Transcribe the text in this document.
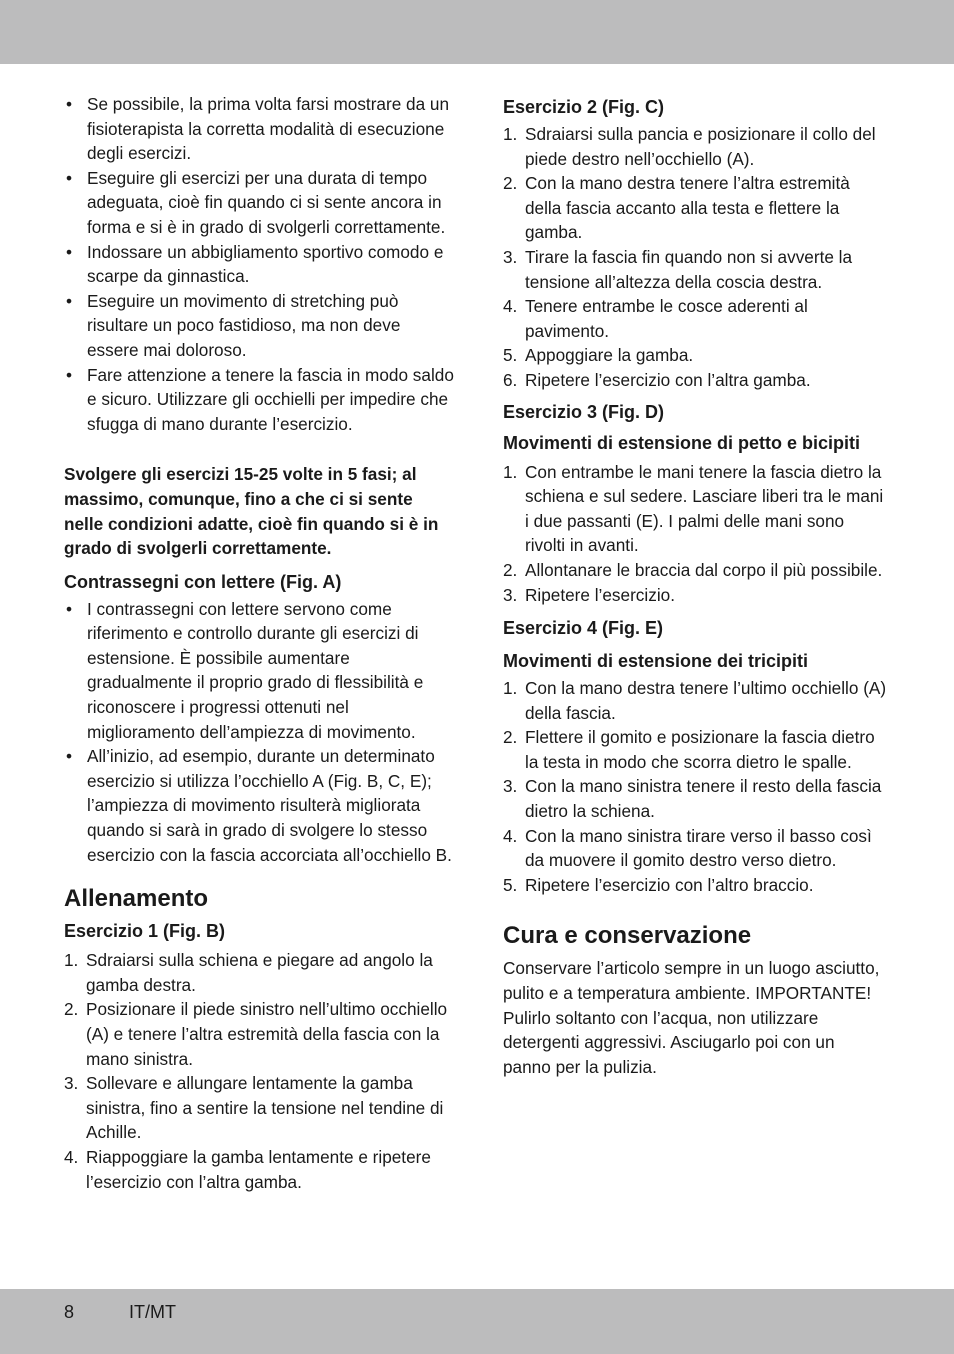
• Se possibile, la prima volta farsi mostrare da un fisioterapista la corretta modalità di esecuzione degli esercizi.
• Eseguire gli esercizi per una durata di tempo adeguata, cioè fin quando ci si sente ancora in forma e si è in grado di svolgerli correttamente.
• Indossare un abbigliamento sportivo comodo e scarpe da ginnastica.
• Eseguire un movimento di stretching può risultare un poco fastidioso, ma non deve essere mai doloroso.
• Fare attenzione a tenere la fascia in modo saldo e sicuro. Utilizzare gli occhielli per impedire che sfugga di mano durante l’esercizio.

Svolgere gli esercizi 15-25 volte in 5 fasi; al massimo, comunque, fino a che ci si sente nelle condizioni adatte, cioè fin quando si è in grado di svolgerli correttamente.

Contrassegni con lettere (Fig. A)
• I contrassegni con lettere servono come riferimento e controllo durante gli esercizi di estensione. È possibile aumentare gradualmente il proprio grado di flessibilità e riconoscere i progressi ottenuti nel miglioramento dell’ampiezza di movimento.
• All’inizio, ad esempio, durante un determinato esercizio si utilizza l’occhiello A (Fig. B, C, E); l’ampiezza di movimento risulterà migliorata quando si sarà in grado di svolgere lo stesso esercizio con la fascia accorciata all’occhiello B.
Allenamento
Esercizio 1 (Fig. B)
1. Sdraiarsi sulla schiena e piegare ad angolo la gamba destra.
2. Posizionare il piede sinistro nell’ultimo occhiello (A) e tenere l’altra estremità della fascia con la mano sinistra.
3. Sollevare e allungare lentamente la gamba sinistra, fino a sentire la tensione nel tendine di Achille.
4. Riappoggiare la gamba lentamente e ripetere l’esercizio con l’altra gamba.
Esercizio 2 (Fig. C)
1. Sdraiarsi sulla pancia e posizionare il collo del piede destro nell’occhiello (A).
2. Con la mano destra tenere l’altra estremità della fascia accanto alla testa e flettere la gamba.
3. Tirare la fascia fin quando non si avverte la tensione all’altezza della coscia destra.
4. Tenere entrambe le cosce aderenti al pavimento.
5. Appoggiare la gamba.
6. Ripetere l’esercizio con l’altra gamba.
Esercizio 3 (Fig. D)
Movimenti di estensione di petto e bicipiti
1. Con entrambe le mani tenere la fascia dietro la schiena e sul sedere. Lasciare liberi tra le mani i due passanti (E). I palmi delle mani sono rivolti in avanti.
2. Allontanare le braccia dal corpo il più possibile.
3. Ripetere l’esercizio.
Esercizio 4 (Fig. E)
Movimenti di estensione dei tricipiti
1. Con la mano destra tenere l’ultimo occhiello (A) della fascia.
2. Flettere il gomito e posizionare la fascia dietro la testa in modo che scorra dietro le spalle.
3. Con la mano sinistra tenere il resto della fascia dietro la schiena.
4. Con la mano sinistra tirare verso il basso così da muovere il gomito destro verso dietro.
5. Ripetere l’esercizio con l’altro braccio.
Cura e conservazione

Conservare l’articolo sempre in un luogo asciutto, pulito e a temperatura ambiente. IMPORTANTE! Pulirlo soltanto con l’acqua, non utilizzare detergenti aggressivi. Asciugarlo poi con un panno per la pulizia.

8	IT/MT
